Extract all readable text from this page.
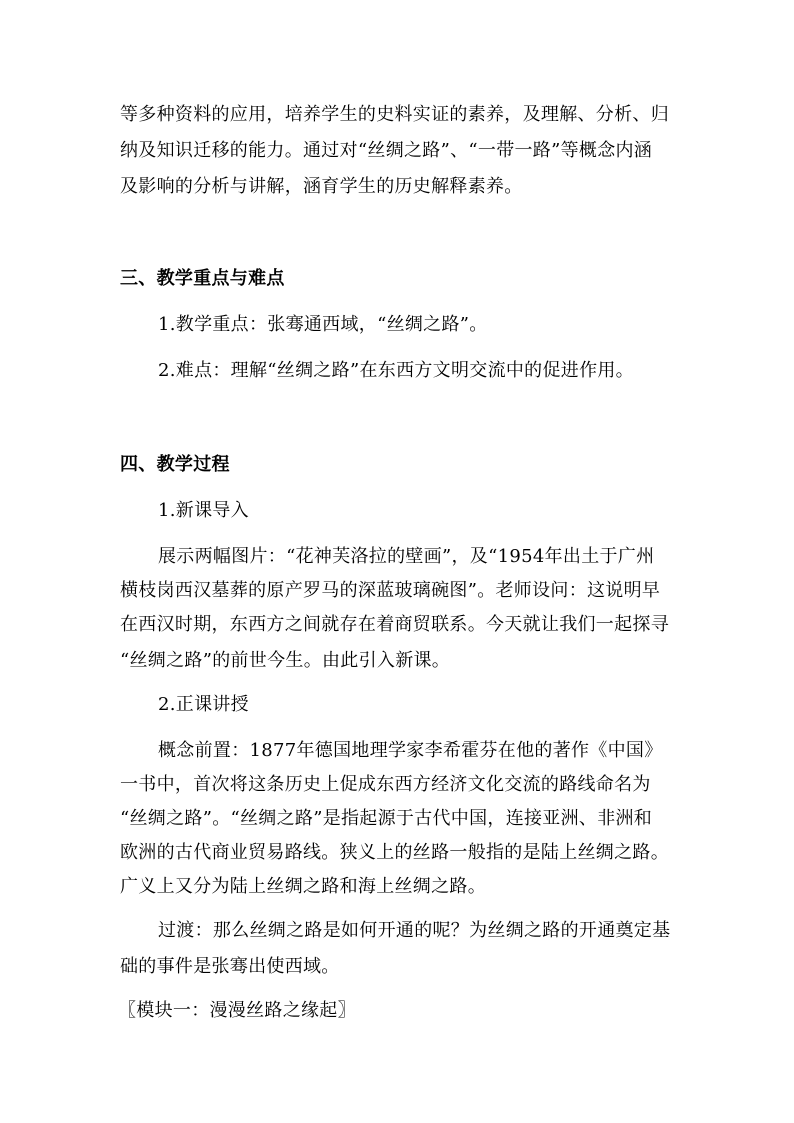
等多种资料的应用，培养学生的史料实证的素养，及理解、分析、归
纳及知识迁移的能力。通过对“丝绸之路”、“一带一路”等概念内涵
及影响的分析与讲解，涵育学生的历史解释素养。
三、教学重点与难点
1.教学重点：张骞通西域，“丝绸之路”。
2.难点：理解“丝绸之路”在东西方文明交流中的促进作用。
四、教学过程
1.新课导入
展示两幅图片：“花神芙洛拉的壁画”，及“1954年出土于广州
横枝岗西汉墓葬的原产罗马的深蓝玻璃碗图”。老师设问：这说明早
在西汉时期，东西方之间就存在着商贸联系。今天就让我们一起探寻
“丝绸之路”的前世今生。由此引入新课。
2.正课讲授
概念前置：1877年德国地理学家李希霍芬在他的著作《中国》
一书中，首次将这条历史上促成东西方经济文化交流的路线命名为
“丝绸之路”。“丝绸之路”是指起源于古代中国，连接亚洲、非洲和
欧洲的古代商业贸易路线。狭义上的丝路一般指的是陆上丝绸之路。
广义上又分为陆上丝绸之路和海上丝绸之路。
过渡：那么丝绸之路是如何开通的呢？为丝绸之路的开通奠定基
础的事件是张骞出使西域。
〖模块一：漫漫丝路之缘起〗
